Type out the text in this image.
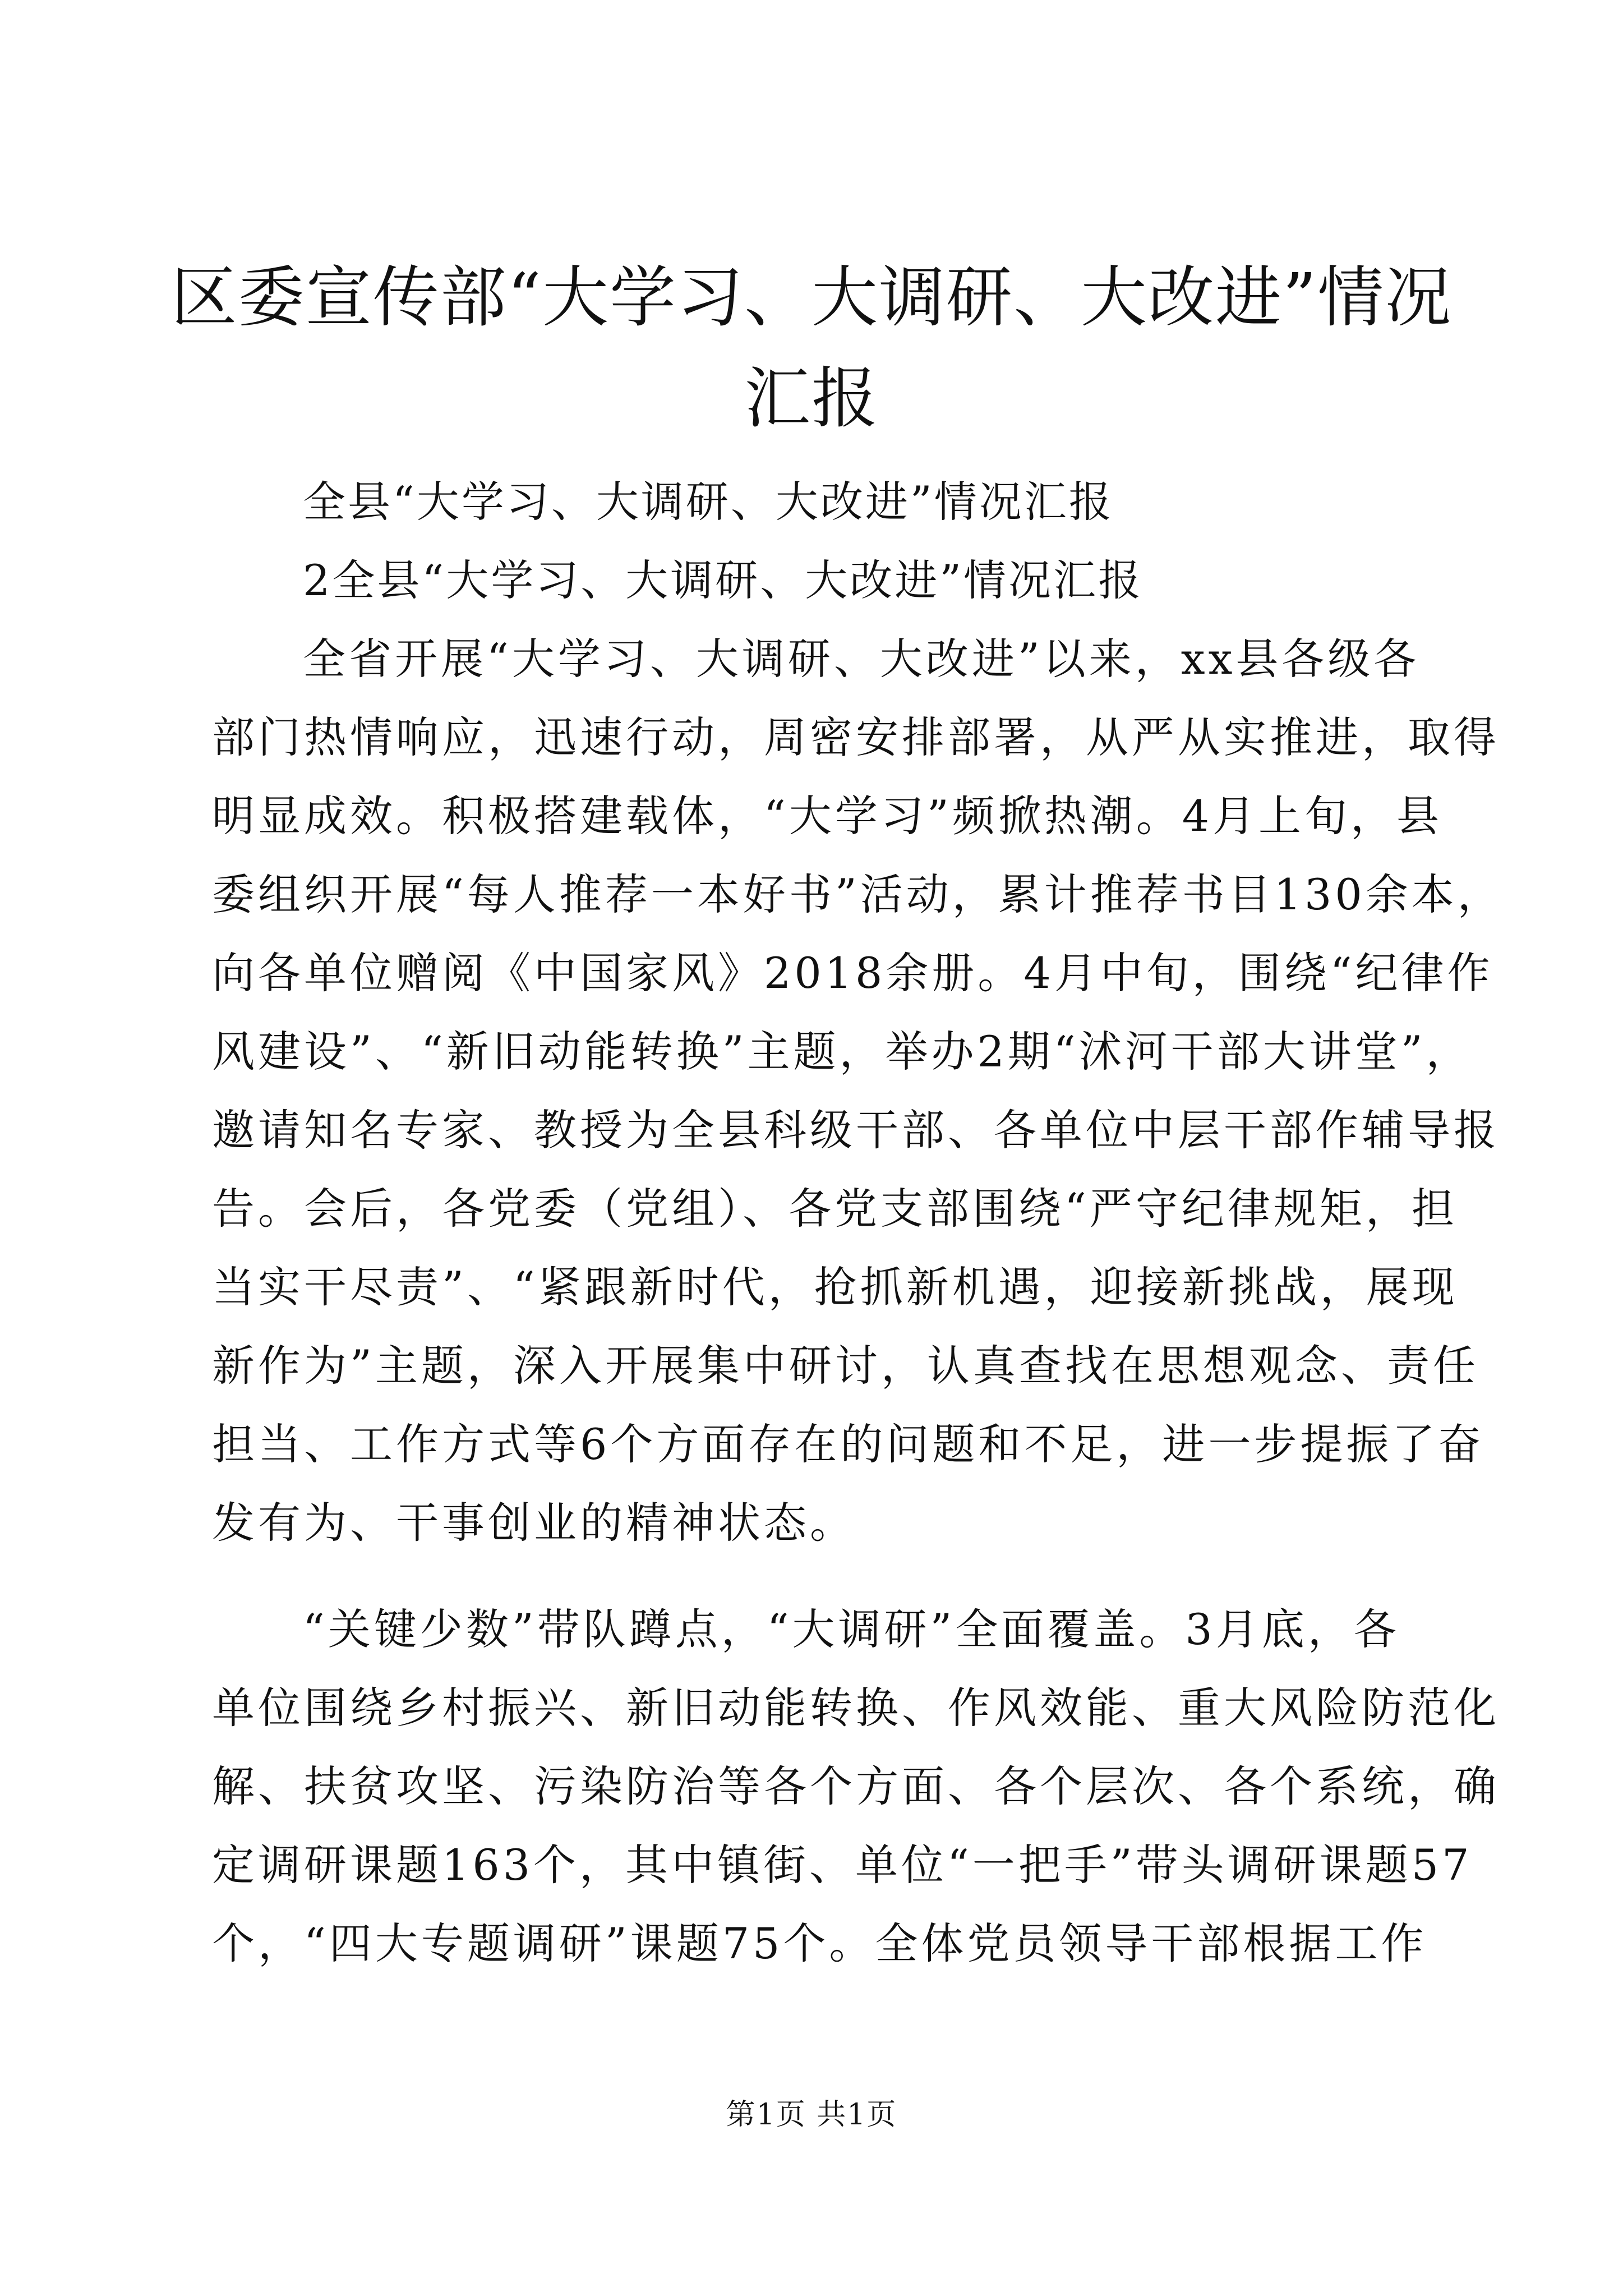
区委宣传部“大学习、大调研、大改进”情况
汇报
全县“大学习、大调研、大改进”情况汇报
2全县“大学习、大调研、大改进”情况汇报
全省开展“大学习、大调研、大改进”以来，xx县各级各
部门热情响应，迅速行动，周密安排部署，从严从实推进，取得
明显成效。积极搭建载体，“大学习”频掀热潮。4月上旬，县
委组织开展“每人推荐一本好书”活动，累计推荐书目130余本，
向各单位赠阅《中国家风》2018余册。4月中旬，围绕“纪律作
风建设”、“新旧动能转换”主题，举办2期“沭河干部大讲堂”，
邀请知名专家、教授为全县科级干部、各单位中层干部作辅导报
告。会后，各党委（党组）、各党支部围绕“严守纪律规矩，担
当实干尽责”、“紧跟新时代，抢抓新机遇，迎接新挑战，展现
新作为”主题，深入开展集中研讨，认真查找在思想观念、责任
担当、工作方式等6个方面存在的问题和不足，进一步提振了奋
发有为、干事创业的精神状态。
“关键少数”带队蹲点，“大调研”全面覆盖。3月底，各
单位围绕乡村振兴、新旧动能转换、作风效能、重大风险防范化
解、扶贫攻坚、污染防治等各个方面、各个层次、各个系统，确
定调研课题163个，其中镇街、单位“一把手”带头调研课题57
个，“四大专题调研”课题75个。全体党员领导干部根据工作
第1页 共1页
